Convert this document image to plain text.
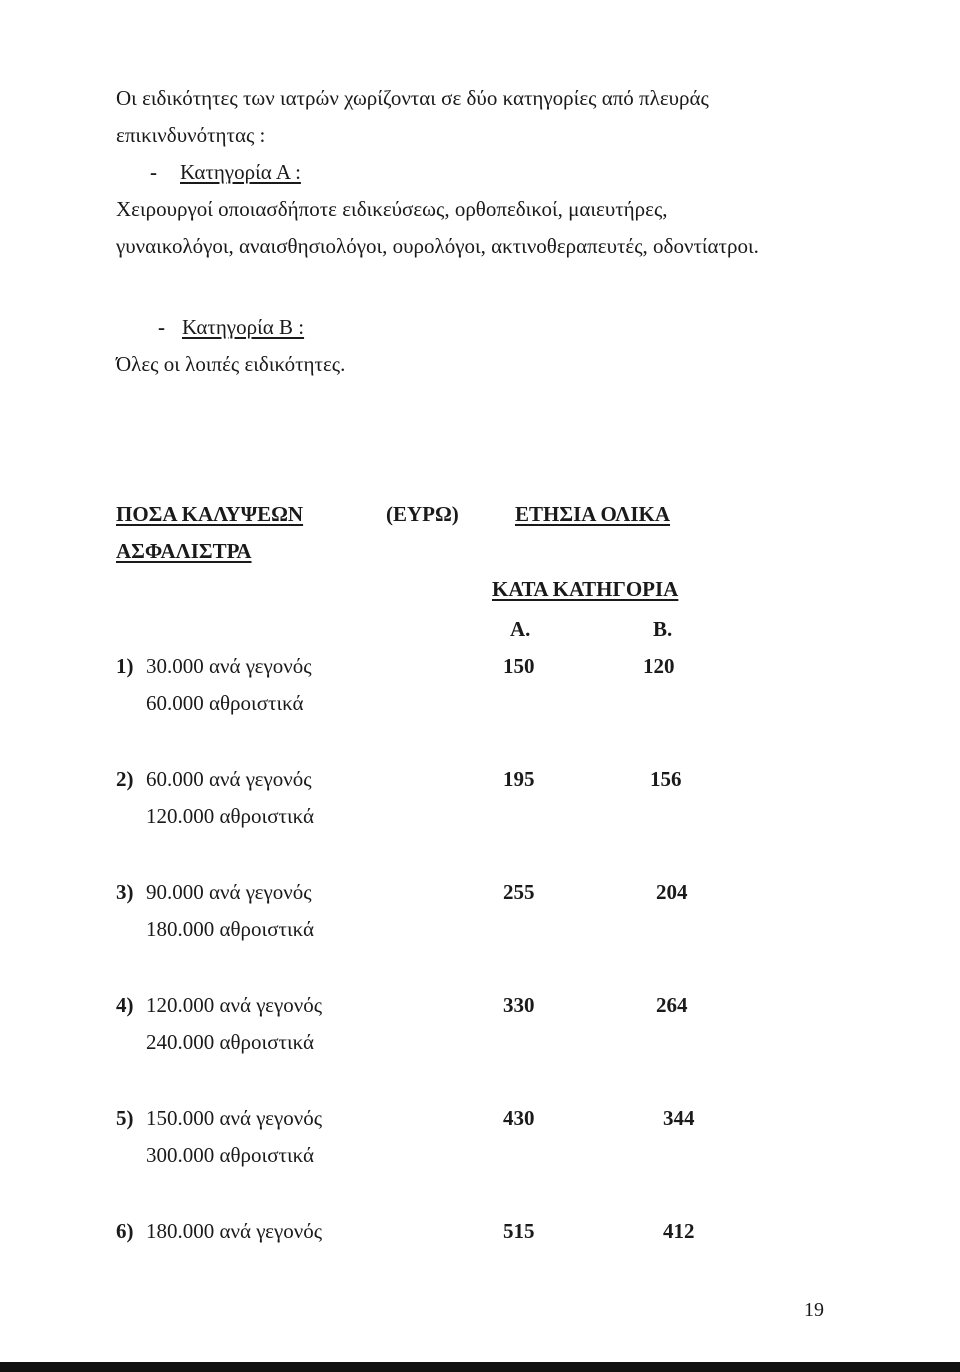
Οι ειδικότητες των ιατρών χωρίζονται σε δύο κατηγορίες από πλευράς
επικινδυνότητας :
- Κατηγορία Α :
Χειρουργοί οποιασδήποτε ειδικεύσεως, ορθοπεδικοί, μαιευτήρες,
γυναικολόγοι, αναισθησιολόγοι, ουρολόγοι, ακτινοθεραπευτές, οδοντίατροι.
- Κατηγορία Β :
Όλες οι λοιπές ειδικότητες.
ΠΟΣΑ ΚΑΛΥΨΕΩΝ	(ΕΥΡΩ)	ΕΤΗΣΙΑ ΟΛΙΚΑ
ΑΣΦΑΛΙΣΤΡΑ
ΚΑΤΑ ΚΑΤΗΓΟΡΙΑ
Α.	Β.
1) 30.000 ανά γεγονός
60.000 αθροιστικά
150	120
2) 60.000 ανά γεγονός
120.000 αθροιστικά
195	156
3) 90.000 ανά γεγονός
180.000 αθροιστικά
255	204
4) 120.000 ανά γεγονός
240.000 αθροιστικά
330	264
5) 150.000 ανά γεγονός
300.000 αθροιστικά
430	344
6) 180.000 ανά γεγονός	515	412
19
